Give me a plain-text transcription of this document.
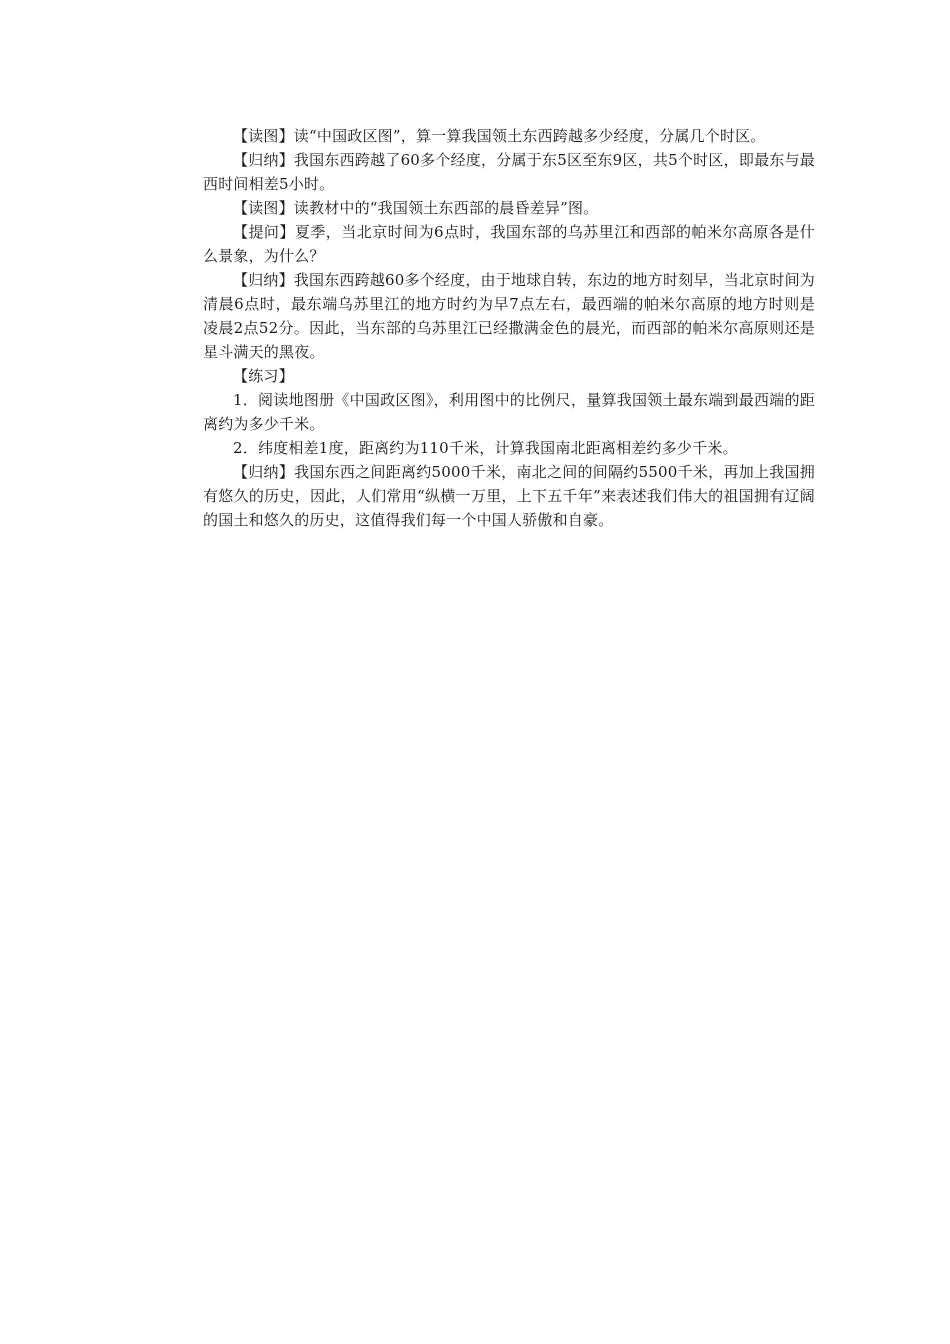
【读图】读“中国政区图”，算一算我国领土东西跨越多少经度，分属几个时区。

【归纳】我国东西跨越了60多个经度，分属于东5区至东9区，共5个时区，即最东与最西时间相差5小时。

【读图】读教材中的“我国领土东西部的晨昏差异”图。

【提问】夏季，当北京时间为6点时，我国东部的乌苏里江和西部的帕米尔高原各是什么景象，为什么？

【归纳】我国东西跨越60多个经度，由于地球自转，东边的地方时刻早，当北京时间为清晨6点时，最东端乌苏里江的地方时约为早7点左右，最西端的帕米尔高原的地方时则是凌晨2点52分。因此，当东部的乌苏里江已经撒满金色的晨光，而西部的帕米尔高原则还是星斗满天的黑夜。

【练习】

1．阅读地图册《中国政区图》，利用图中的比例尺，量算我国领土最东端到最西端的距离约为多少千米。

2．纬度相差1度，距离约为110千米，计算我国南北距离相差约多少千米。

【归纳】我国东西之间距离约5000千米，南北之间的间隔约5500千米，再加上我国拥有悠久的历史，因此，人们常用“纵横一万里，上下五千年”来表述我们伟大的祖国拥有辽阔的国土和悠久的历史，这值得我们每一个中国人骄傲和自豪。
